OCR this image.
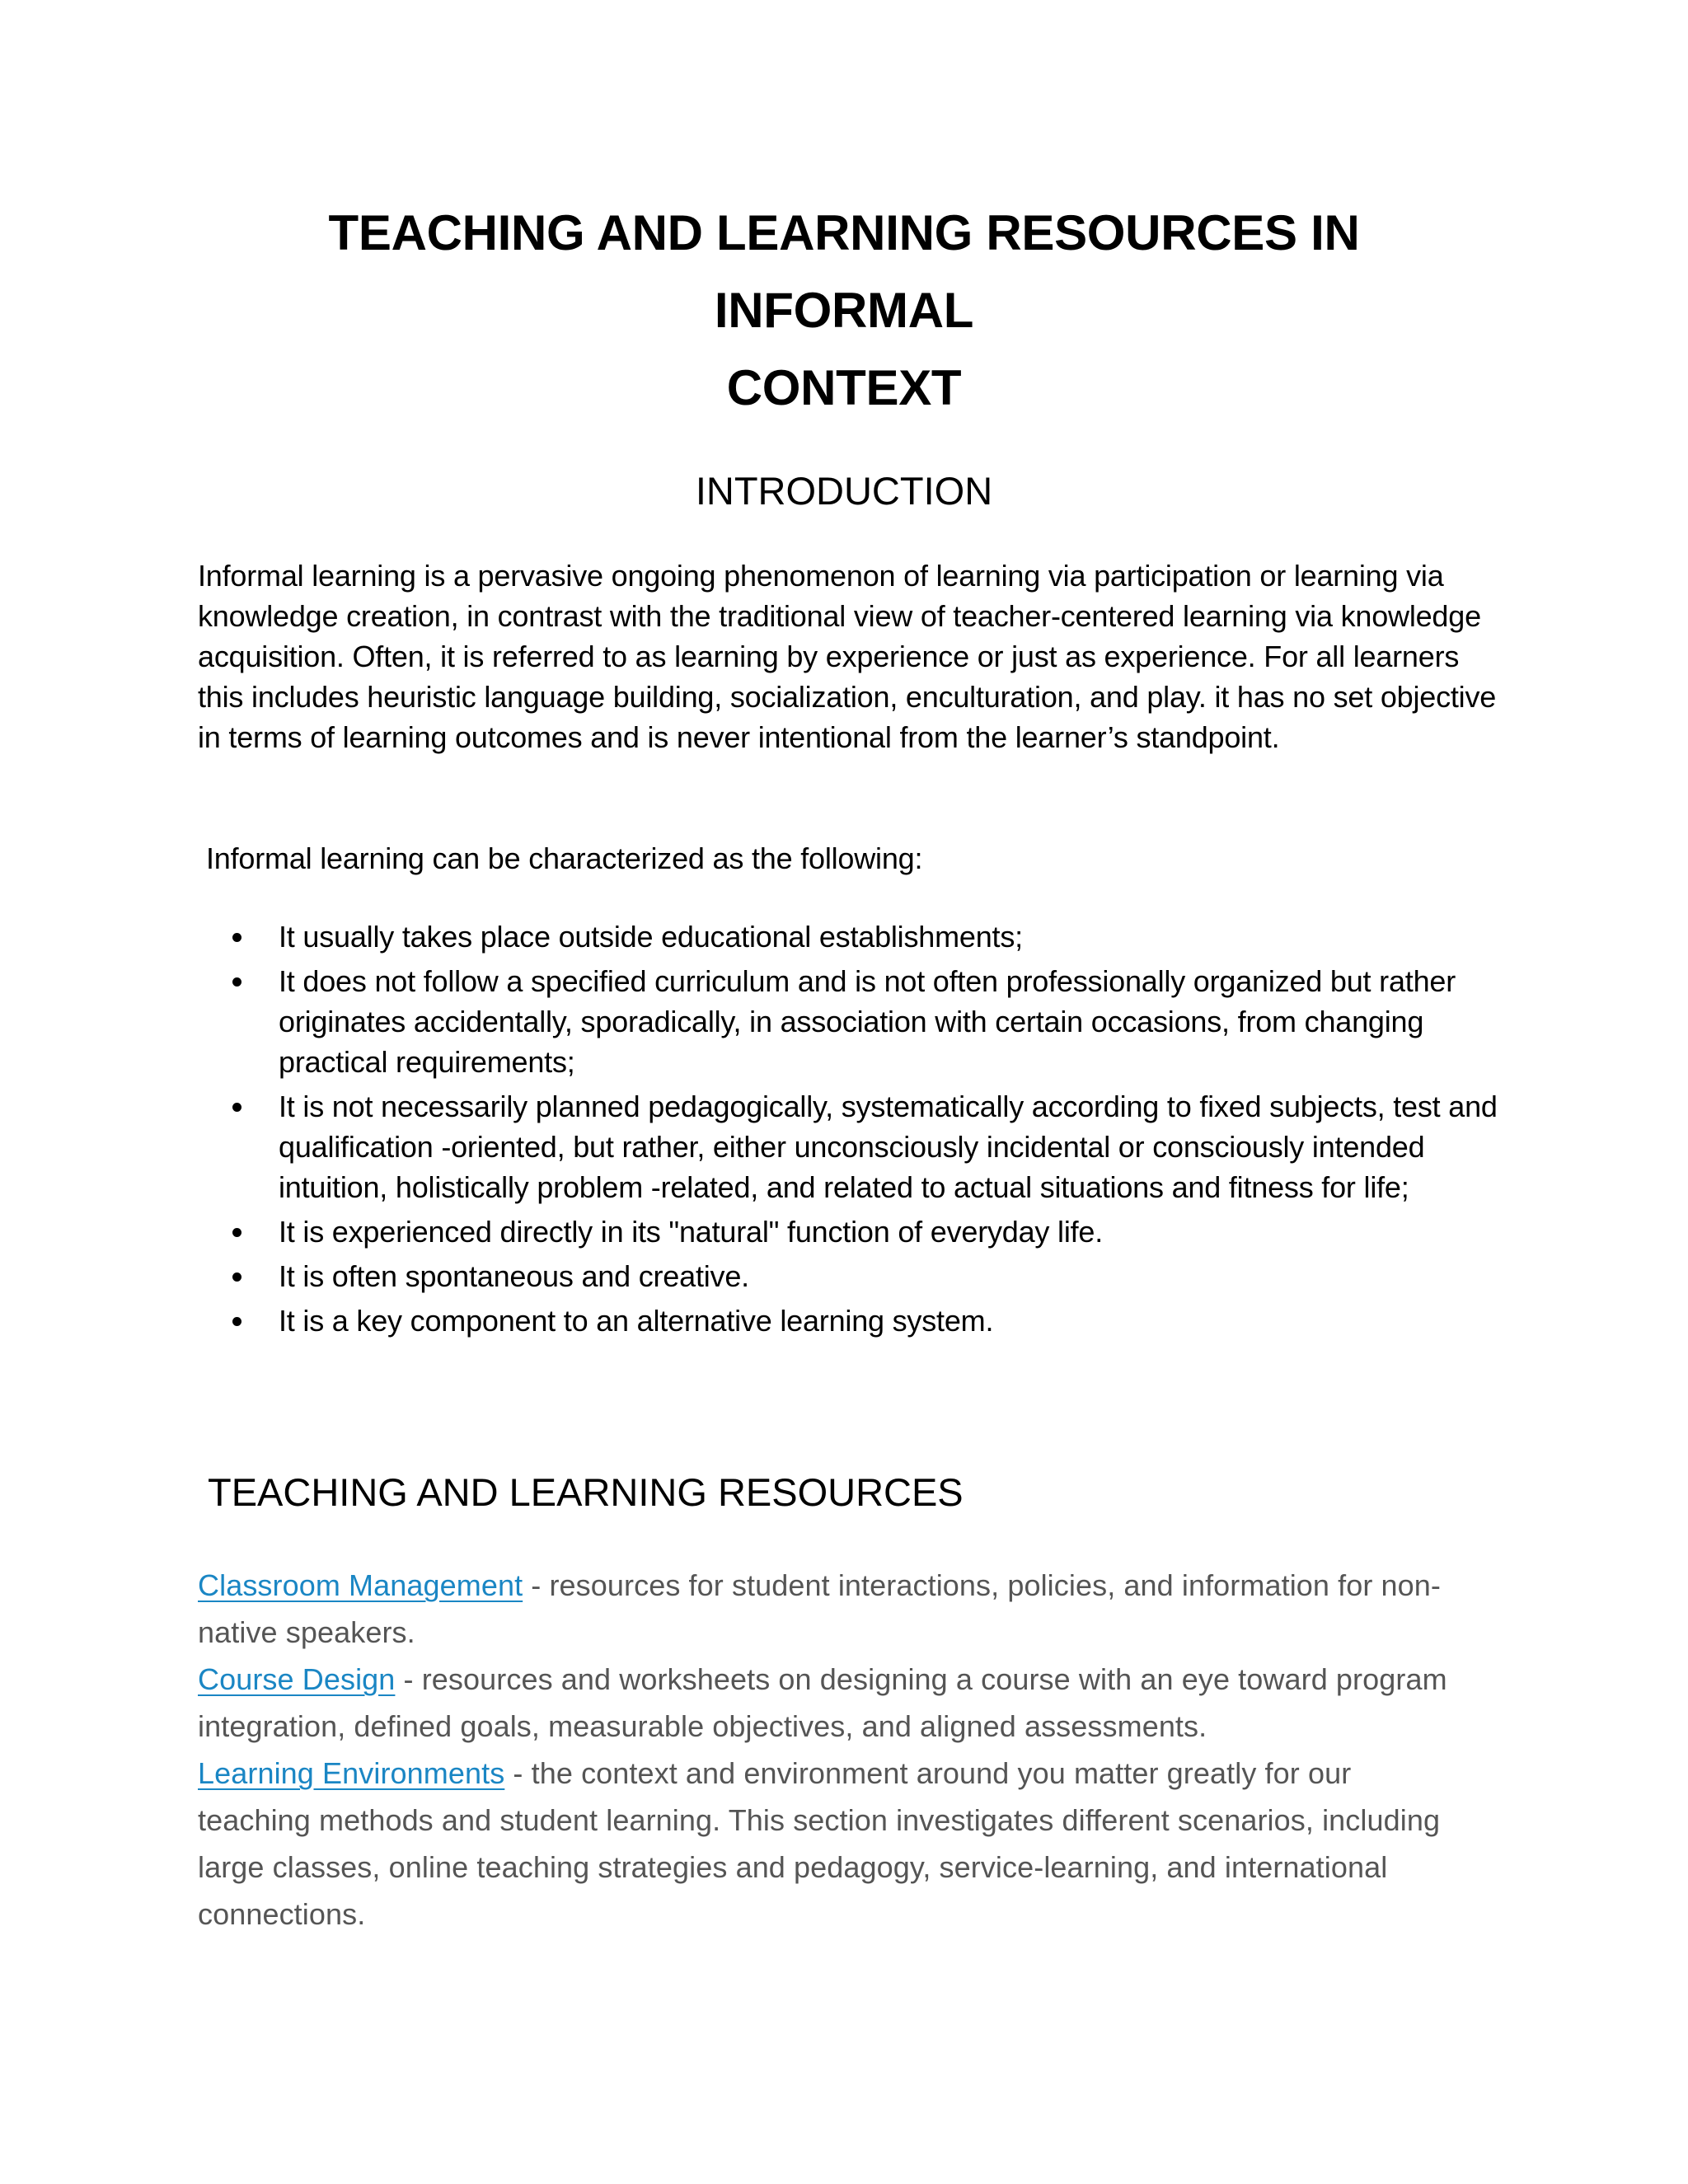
TEACHING AND LEARNING RESOURCES IN INFORMAL
CONTEXT
INTRODUCTION

Informal learning is a pervasive ongoing phenomenon of learning via participation or learning via knowledge creation, in contrast with the traditional view of teacher-centered learning via knowledge acquisition. Often, it is referred to as learning by experience or just as experience. For all learners this includes heuristic language building, socialization, enculturation, and play. it has no set objective in terms of learning outcomes and is never intentional from the learner’s standpoint.

Informal learning can be characterized as the following:

It usually takes place outside educational establishments;
It does not follow a specified curriculum and is not often professionally organized but rather originates accidentally, sporadically, in association with certain occasions, from changing practical requirements;
It is not necessarily planned pedagogically, systematically according to fixed subjects, test and qualification -oriented, but rather, either unconsciously incidental or consciously intended intuition, holistically problem -related, and related to actual situations and fitness for life;
It is experienced directly in its "natural" function of everyday life.
It is often spontaneous and creative.
It is a key component to an alternative learning system.
TEACHING AND LEARNING RESOURCES

Classroom Management - resources for student interactions, policies, and information for non-native speakers.

Course Design - resources and worksheets on designing a course with an eye toward program integration, defined goals, measurable objectives, and aligned assessments.

Learning Environments - the context and environment around you matter greatly for our teaching methods and student learning. This section investigates different scenarios, including large classes, online teaching strategies and pedagogy, service-learning, and international connections.
